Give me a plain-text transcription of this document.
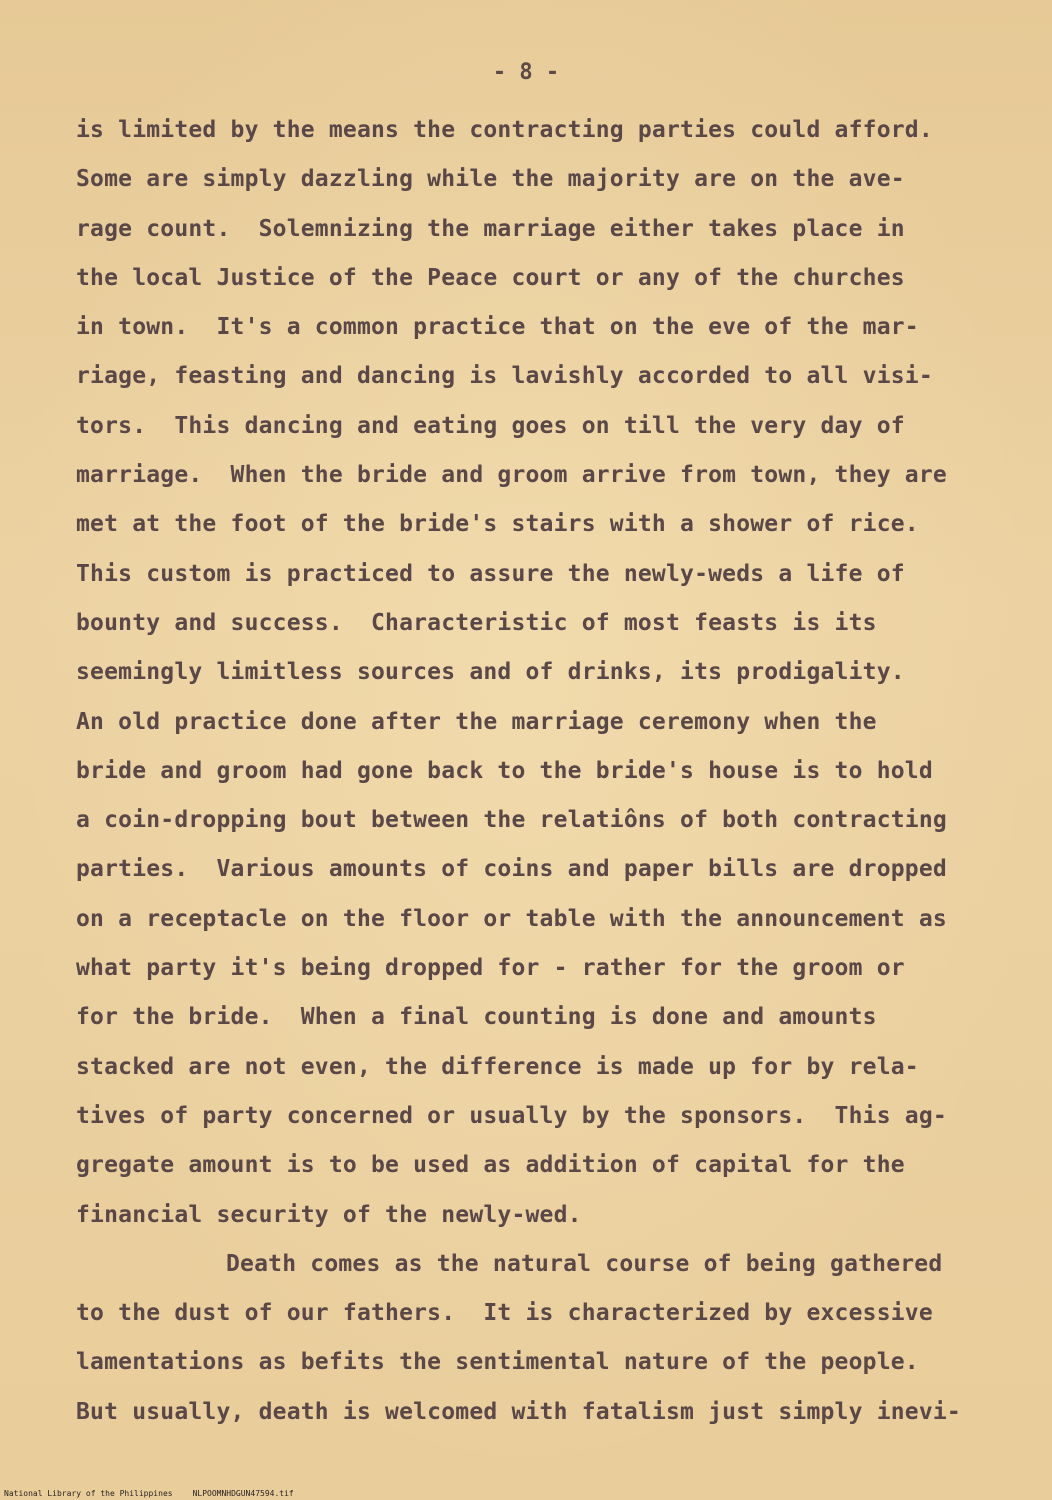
- 8 -
is limited by the means the contracting parties could afford.
Some are simply dazzling while the majority are on the ave-
rage count.  Solemnizing the marriage either takes place in
the local Justice of the Peace court or any of the churches
in town.  It's a common practice that on the eve of the mar-
riage, feasting and dancing is lavishly accorded to all visi-
tors.  This dancing and eating goes on till the very day of
marriage.  When the bride and groom arrive from town, they are
met at the foot of the bride's stairs with a shower of rice.
This custom is practiced to assure the newly-weds a life of
bounty and success.  Characteristic of most feasts is its
seemingly limitless sources and of drinks, its prodigality.
An old practice done after the marriage ceremony when the
bride and groom had gone back to the bride's house is to hold
a coin-dropping bout between the relatiôns of both contracting
parties.  Various amounts of coins and paper bills are dropped
on a receptacle on the floor or table with the announcement as
what party it's being dropped for - rather for the groom or
for the bride.  When a final counting is done and amounts
stacked are not even, the difference is made up for by rela-
tives of party concerned or usually by the sponsors.  This ag-
gregate amount is to be used as addition of capital for the
financial security of the newly-wed.
Death comes as the natural course of being gathered
to the dust of our fathers.  It is characterized by excessive
lamentations as befits the sentimental nature of the people.
But usually, death is welcomed with fatalism just simply inevi-
National Library of the Philippines	NLPOOMNHDGUN47594.tif
